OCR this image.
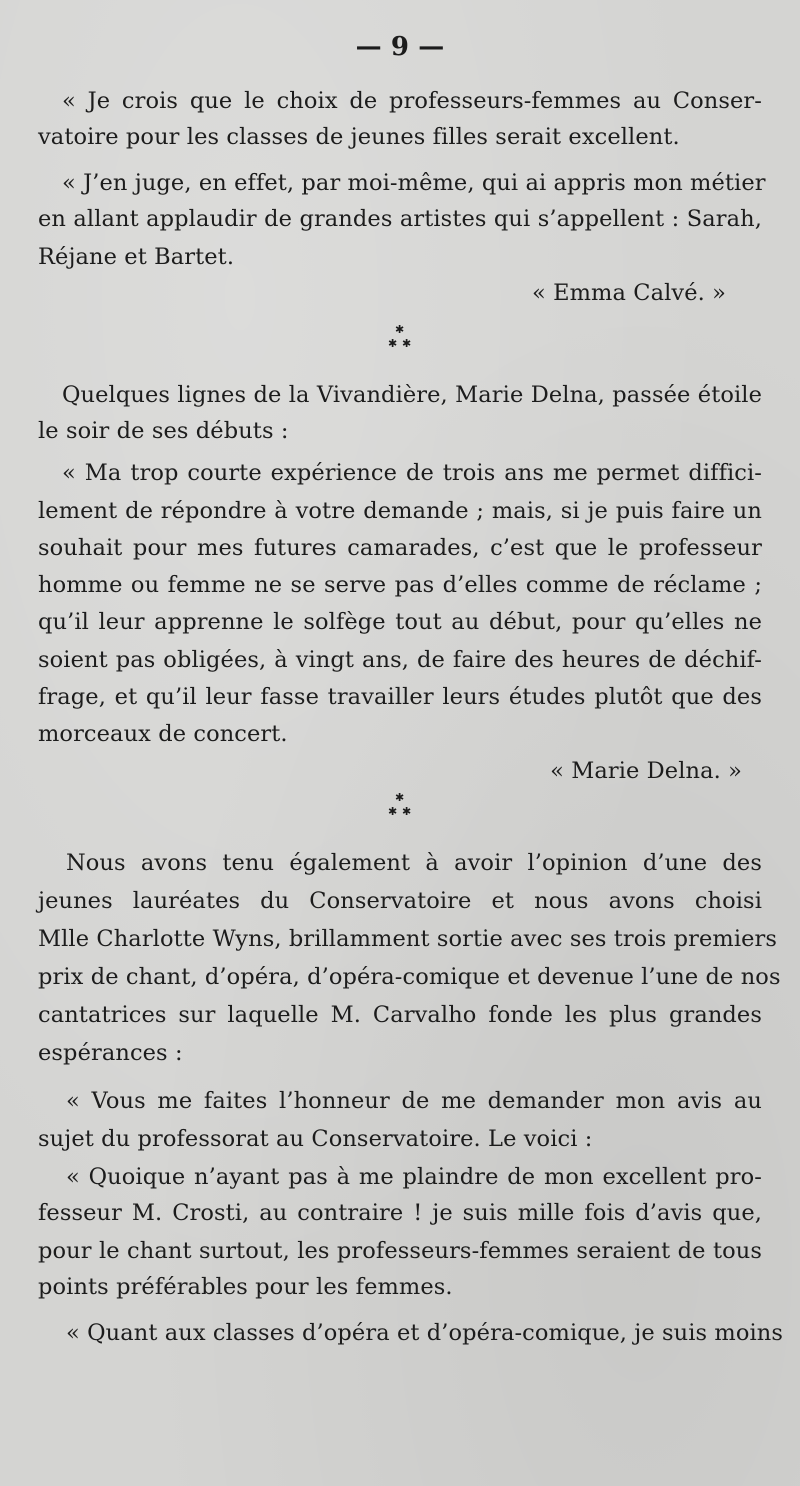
— 9 —
« Je crois que le choix de professeurs-femmes au Conser-
vatoire pour les classes de jeunes filles serait excellent.
« J’en juge, en effet, par moi-même, qui ai appris mon métier
en allant applaudir de grandes artistes qui s’appellent : Sarah,
Réjane et Bartet.
« Emma Calvé. »
✱
✱ ✱
Quelques lignes de la Vivandière, Marie Delna, passée étoile
le soir de ses débuts :
« Ma trop courte expérience de trois ans me permet diffici-
lement de répondre à votre demande ; mais, si je puis faire un
souhait pour mes futures camarades, c’est que le professeur
homme ou femme ne se serve pas d’elles comme de réclame ;
qu’il leur apprenne le solfège tout au début, pour qu’elles ne
soient pas obligées, à vingt ans, de faire des heures de déchif-
frage, et qu’il leur fasse travailler leurs études plutôt que des
morceaux de concert.
« Marie Delna. »
✱
✱ ✱
Nous avons tenu également à avoir l’opinion d’une des
jeunes lauréates du Conservatoire et nous avons choisi
Mlle Charlotte Wyns, brillamment sortie avec ses trois premiers
prix de chant, d’opéra, d’opéra-comique et devenue l’une de nos
cantatrices sur laquelle M. Carvalho fonde les plus grandes
espérances :
« Vous me faites l’honneur de me demander mon avis au
sujet du professorat au Conservatoire. Le voici :
« Quoique n’ayant pas à me plaindre de mon excellent pro-
fesseur M. Crosti, au contraire ! je suis mille fois d’avis que,
pour le chant surtout, les professeurs-femmes seraient de tous
points préférables pour les femmes.
« Quant aux classes d’opéra et d’opéra-comique, je suis moins
